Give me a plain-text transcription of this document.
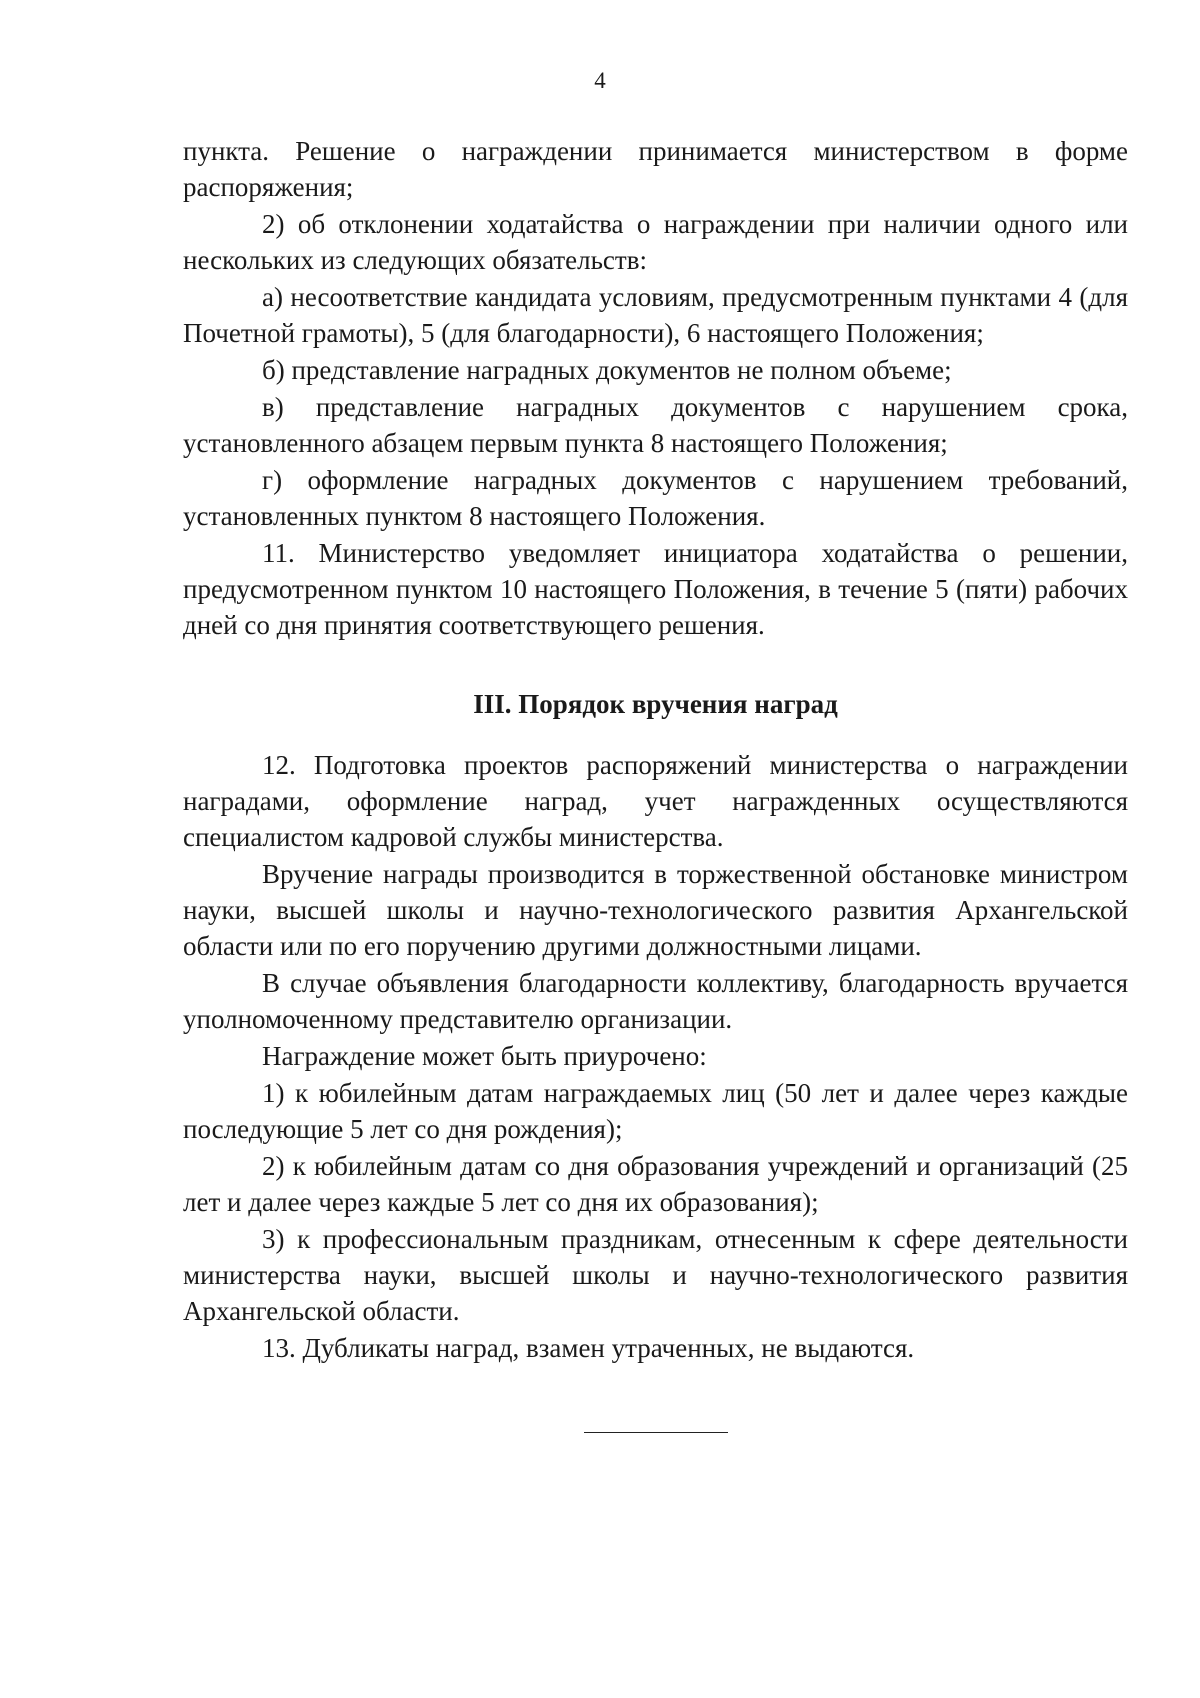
4

пункта. Решение о награждении принимается министерством в форме распоряжения;

2) об отклонении ходатайства о награждении при наличии одного или нескольких из следующих обязательств:

а) несоответствие кандидата условиям, предусмотренным пунктами 4 (для Почетной грамоты), 5 (для благодарности), 6 настоящего Положения;

б) представление наградных документов не полном объеме;

в) представление наградных документов с нарушением срока, установленного абзацем первым пункта 8 настоящего Положения;

г) оформление наградных документов с нарушением требований, установленных пунктом 8 настоящего Положения.

11. Министерство уведомляет инициатора ходатайства о решении, предусмотренном пунктом 10 настоящего Положения, в течение 5 (пяти) рабочих дней со дня принятия соответствующего решения.

III. Порядок вручения наград

12. Подготовка проектов распоряжений министерства о награждении наградами, оформление наград, учет награжденных осуществляются специалистом кадровой службы министерства.

Вручение награды производится в торжественной обстановке министром науки, высшей школы и научно-технологического развития Архангельской области или по его поручению другими должностными лицами.

В случае объявления благодарности коллективу, благодарность вручается уполномоченному представителю организации.

Награждение может быть приурочено:

1) к юбилейным датам награждаемых лиц (50 лет и далее через каждые последующие 5 лет со дня рождения);

2) к юбилейным датам со дня образования учреждений и организаций (25 лет и далее через каждые 5 лет со дня их образования);

3) к профессиональным праздникам, отнесенным к сфере деятельности министерства науки, высшей школы и научно-технологического развития Архангельской области.

13. Дубликаты наград, взамен утраченных, не выдаются.
